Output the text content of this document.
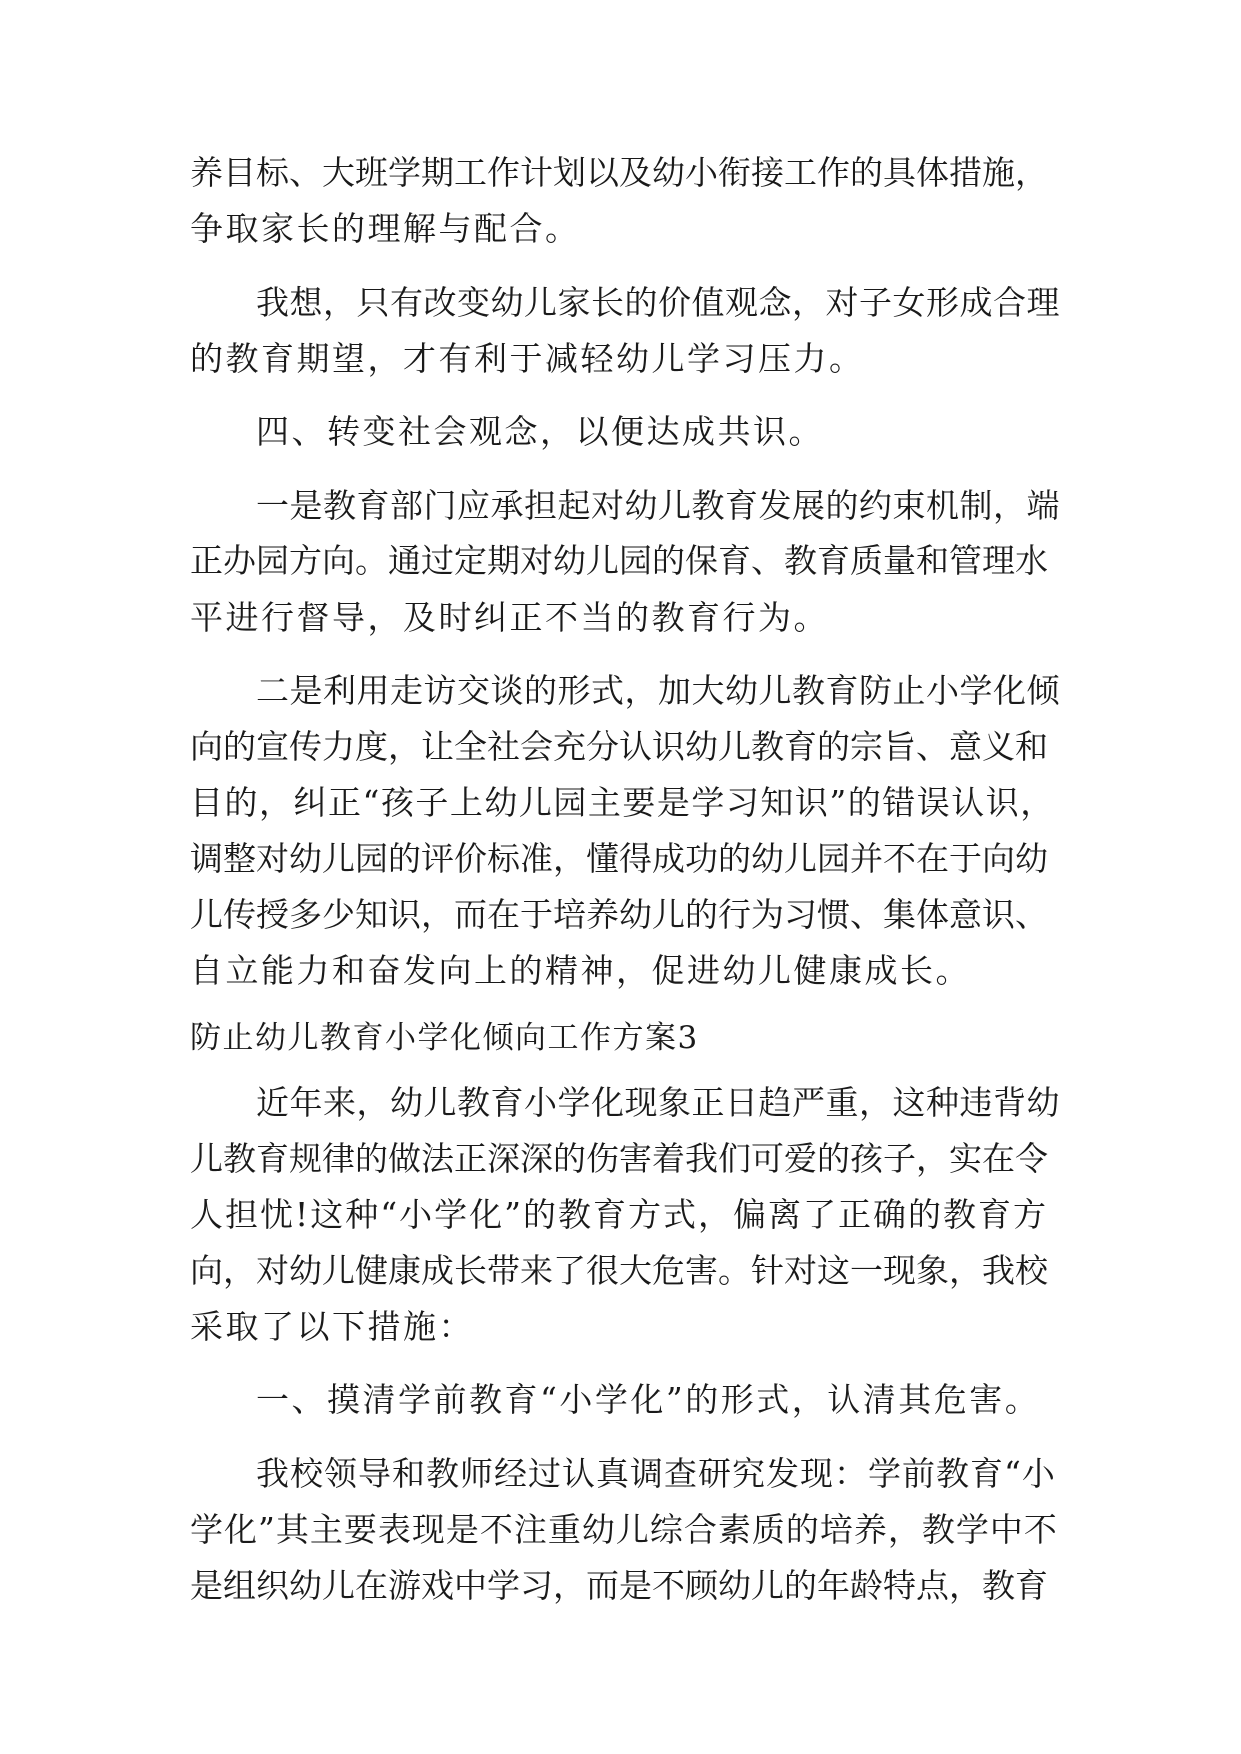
养目标、大班学期工作计划以及幼小衔接工作的具体措施，
争取家长的理解与配合。
我想，只有改变幼儿家长的价值观念，对子女形成合理
的教育期望，才有利于减轻幼儿学习压力。
四、转变社会观念，以便达成共识。
一是教育部门应承担起对幼儿教育发展的约束机制，端
正办园方向。通过定期对幼儿园的保育、教育质量和管理水
平进行督导，及时纠正不当的教育行为。
二是利用走访交谈的形式，加大幼儿教育防止小学化倾
向的宣传力度，让全社会充分认识幼儿教育的宗旨、意义和
目的，纠正“孩子上幼儿园主要是学习知识”的错误认识，
调整对幼儿园的评价标准，懂得成功的幼儿园并不在于向幼
儿传授多少知识，而在于培养幼儿的行为习惯、集体意识、
自立能力和奋发向上的精神，促进幼儿健康成长。
防止幼儿教育小学化倾向工作方案3
近年来，幼儿教育小学化现象正日趋严重，这种违背幼
儿教育规律的做法正深深的伤害着我们可爱的孩子，实在令
人担忧!这种“小学化”的教育方式，偏离了正确的教育方
向，对幼儿健康成长带来了很大危害。针对这一现象，我校
采取了以下措施：
一、摸清学前教育“小学化”的形式，认清其危害。
我校领导和教师经过认真调查研究发现：学前教育“小
学化”其主要表现是不注重幼儿综合素质的培养，教学中不
是组织幼儿在游戏中学习，而是不顾幼儿的年龄特点，教育
